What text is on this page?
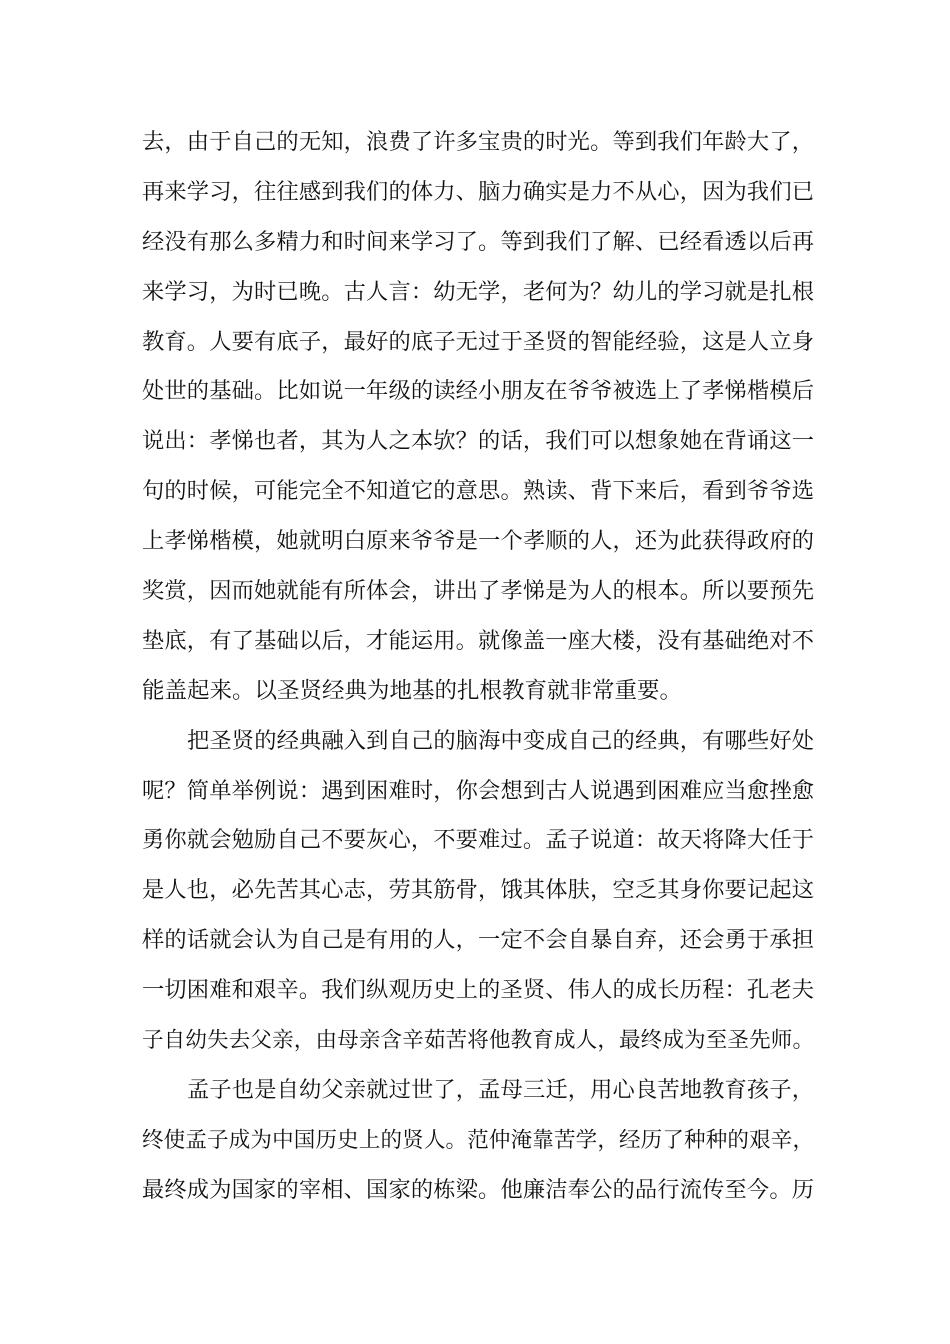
去，由于自己的无知，浪费了许多宝贵的时光。等到我们年龄大了，
再来学习，往往感到我们的体力、脑力确实是力不从心，因为我们已
经没有那么多精力和时间来学习了。等到我们了解、已经看透以后再
来学习，为时已晚。古人言：幼无学，老何为？幼儿的学习就是扎根
教育。人要有底子，最好的底子无过于圣贤的智能经验，这是人立身
处世的基础。比如说一年级的读经小朋友在爷爷被选上了孝悌楷模后
说出：孝悌也者，其为人之本欤？的话，我们可以想象她在背诵这一
句的时候，可能完全不知道它的意思。熟读、背下来后，看到爷爷选
上孝悌楷模，她就明白原来爷爷是一个孝顺的人，还为此获得政府的
奖赏，因而她就能有所体会，讲出了孝悌是为人的根本。所以要预先
垫底，有了基础以后，才能运用。就像盖一座大楼，没有基础绝对不
能盖起来。以圣贤经典为地基的扎根教育就非常重要。
把圣贤的经典融入到自己的脑海中变成自己的经典，有哪些好处
呢？简单举例说：遇到困难时，你会想到古人说遇到困难应当愈挫愈
勇你就会勉励自己不要灰心，不要难过。孟子说道：故天将降大任于
是人也，必先苦其心志，劳其筋骨，饿其体肤，空乏其身你要记起这
样的话就会认为自己是有用的人，一定不会自暴自弃，还会勇于承担
一切困难和艰辛。我们纵观历史上的圣贤、伟人的成长历程：孔老夫
子自幼失去父亲，由母亲含辛茹苦将他教育成人，最终成为至圣先师。
孟子也是自幼父亲就过世了，孟母三迁，用心良苦地教育孩子，
终使孟子成为中国历史上的贤人。范仲淹靠苦学，经历了种种的艰辛，
最终成为国家的宰相、国家的栋梁。他廉洁奉公的品行流传至今。历
